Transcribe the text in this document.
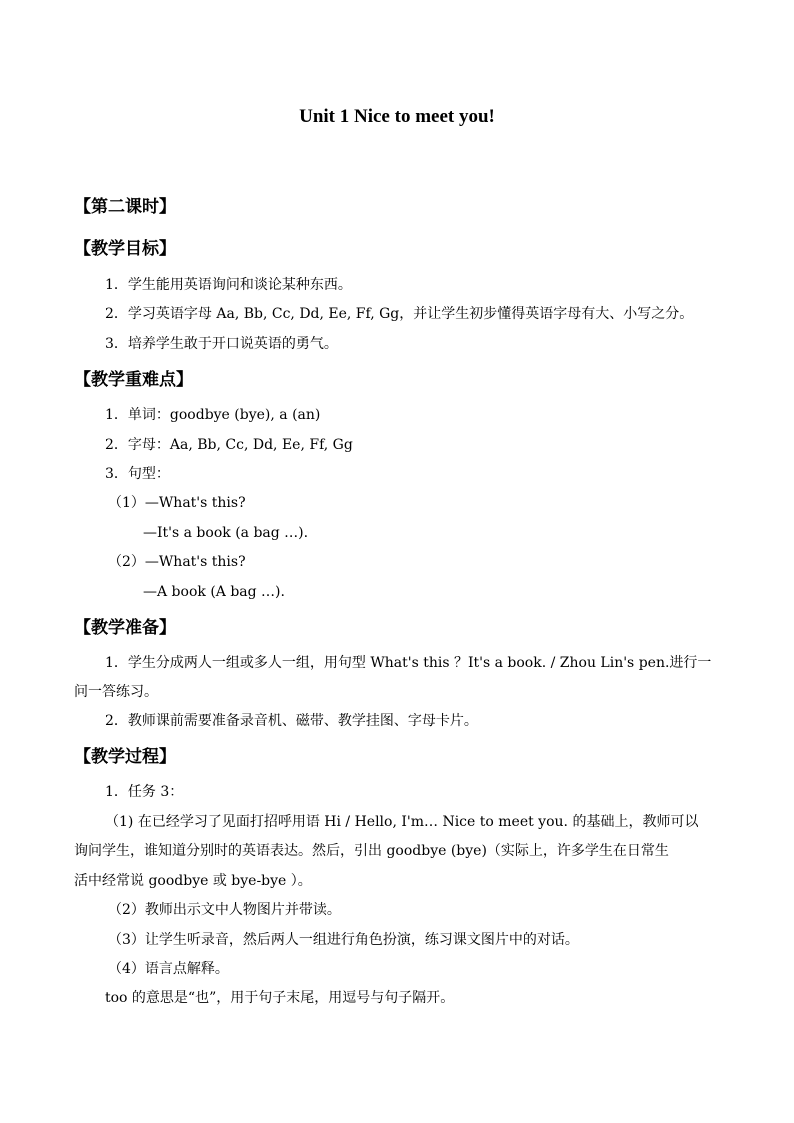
Unit 1 Nice to meet you!
【第二课时】
【教学目标】
1．学生能用英语询问和谈论某种东西。
2．学习英语字母 Aa, Bb, Cc, Dd, Ee, Ff, Gg，并让学生初步懂得英语字母有大、小写之分。
3．培养学生敢于开口说英语的勇气。
【教学重难点】
1．单词：goodbye (bye), a (an)
2．字母：Aa, Bb, Cc, Dd, Ee, Ff, Gg
3．句型：
（1）—What's this?
—It's a book (a bag …).
（2）—What's this?
—A book (A bag …).
【教学准备】
1．学生分成两人一组或多人一组，用句型 What's this ？It's a book. / Zhou Lin's pen.进行一
问一答练习。
2．教师课前需要准备录音机、磁带、教学挂图、字母卡片。
【教学过程】
1．任务 3：
（1) 在已经学习了见面打招呼用语 Hi / Hello, I'm… Nice to meet you. 的基础上，教师可以
询问学生，谁知道分别时的英语表达。然后，引出 goodbye (bye)（实际上，许多学生在日常生
活中经常说 goodbye 或 bye-bye ）。
（2）教师出示文中人物图片并带读。
（3）让学生听录音，然后两人一组进行角色扮演，练习课文图片中的对话。
（4）语言点解释。
too 的意思是“也”，用于句子末尾，用逗号与句子隔开。
